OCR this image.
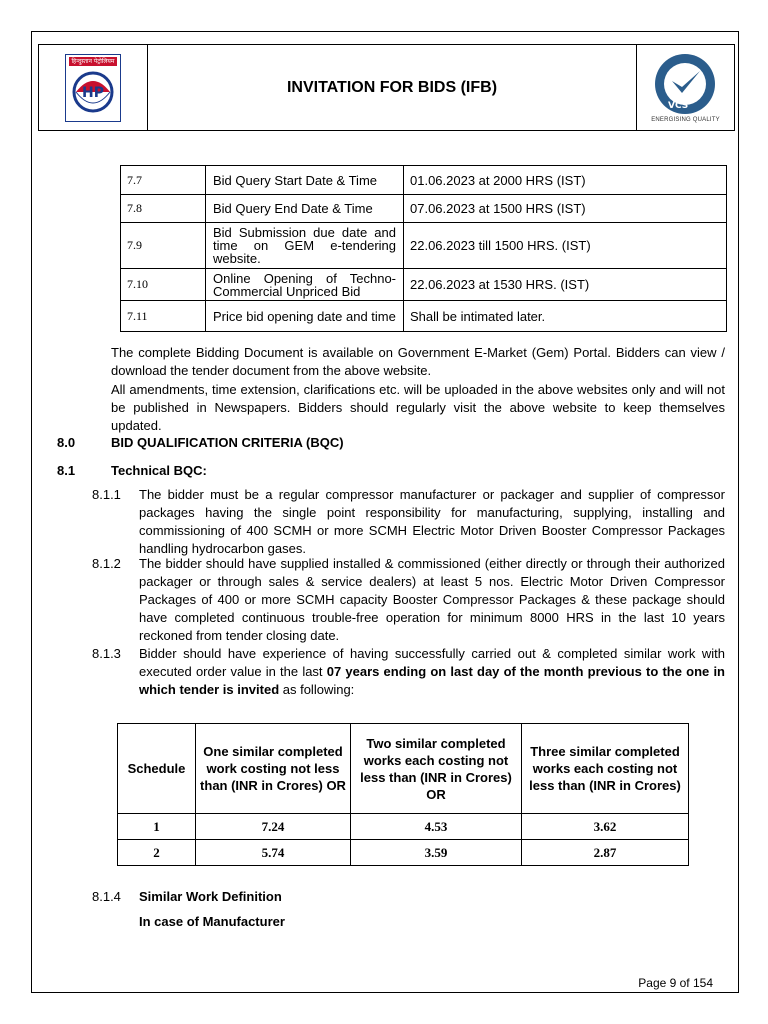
हिन्दुस्तान पेट्रोलियम
HP	INVITATION FOR BIDS (IFB)
VCS
ENERGISING QUALITY
7.7	Bid Query Start Date & Time	01.06.2023 at 2000 HRS (IST)
7.8	Bid Query End Date & Time	07.06.2023 at 1500 HRS (IST)
7.9	Bid Submission due date and time on GEM e-tendering website.	22.06.2023 till 1500 HRS. (IST)
7.10	Online Opening of Techno-Commercial Unpriced Bid	22.06.2023 at 1530 HRS. (IST)
7.11	Price bid opening date and time	Shall be intimated later.
The complete Bidding Document is available on Government E-Market (Gem) Portal. Bidders can view / download the tender document from the above website.
All amendments, time extension, clarifications etc. will be uploaded in the above websites only and will not be published in Newspapers. Bidders should regularly visit the above website to keep themselves updated.
8.0	BID QUALIFICATION CRITERIA (BQC)
8.1	Technical BQC:
8.1.1 The bidder must be a regular compressor manufacturer or packager and supplier of compressor packages having the single point responsibility for manufacturing, supplying, installing and commissioning of 400 SCMH or more SCMH Electric Motor Driven Booster Compressor Packages handling hydrocarbon gases.
8.1.2 The bidder should have supplied installed & commissioned (either directly or through their authorized packager or through sales & service dealers) at least 5 nos. Electric Motor Driven Compressor Packages of 400 or more SCMH capacity Booster Compressor Packages & these package should have completed continuous trouble-free operation for minimum 8000 HRS in the last 10 years reckoned from tender closing date.
8.1.3 Bidder should have experience of having successfully carried out & completed similar work with executed order value in the last 07 years ending on last day of the month previous to the one in which tender is invited as following:
Schedule	One similar completed work costing not less than (INR in Crores) OR	Two similar completed works each costing not less than (INR in Crores) OR	Three similar completed works each costing not less than (INR in Crores)
1	7.24	4.53	3.62
2	5.74	3.59	2.87
8.1.4 Similar Work Definition
In case of Manufacturer
Page 9 of 154
